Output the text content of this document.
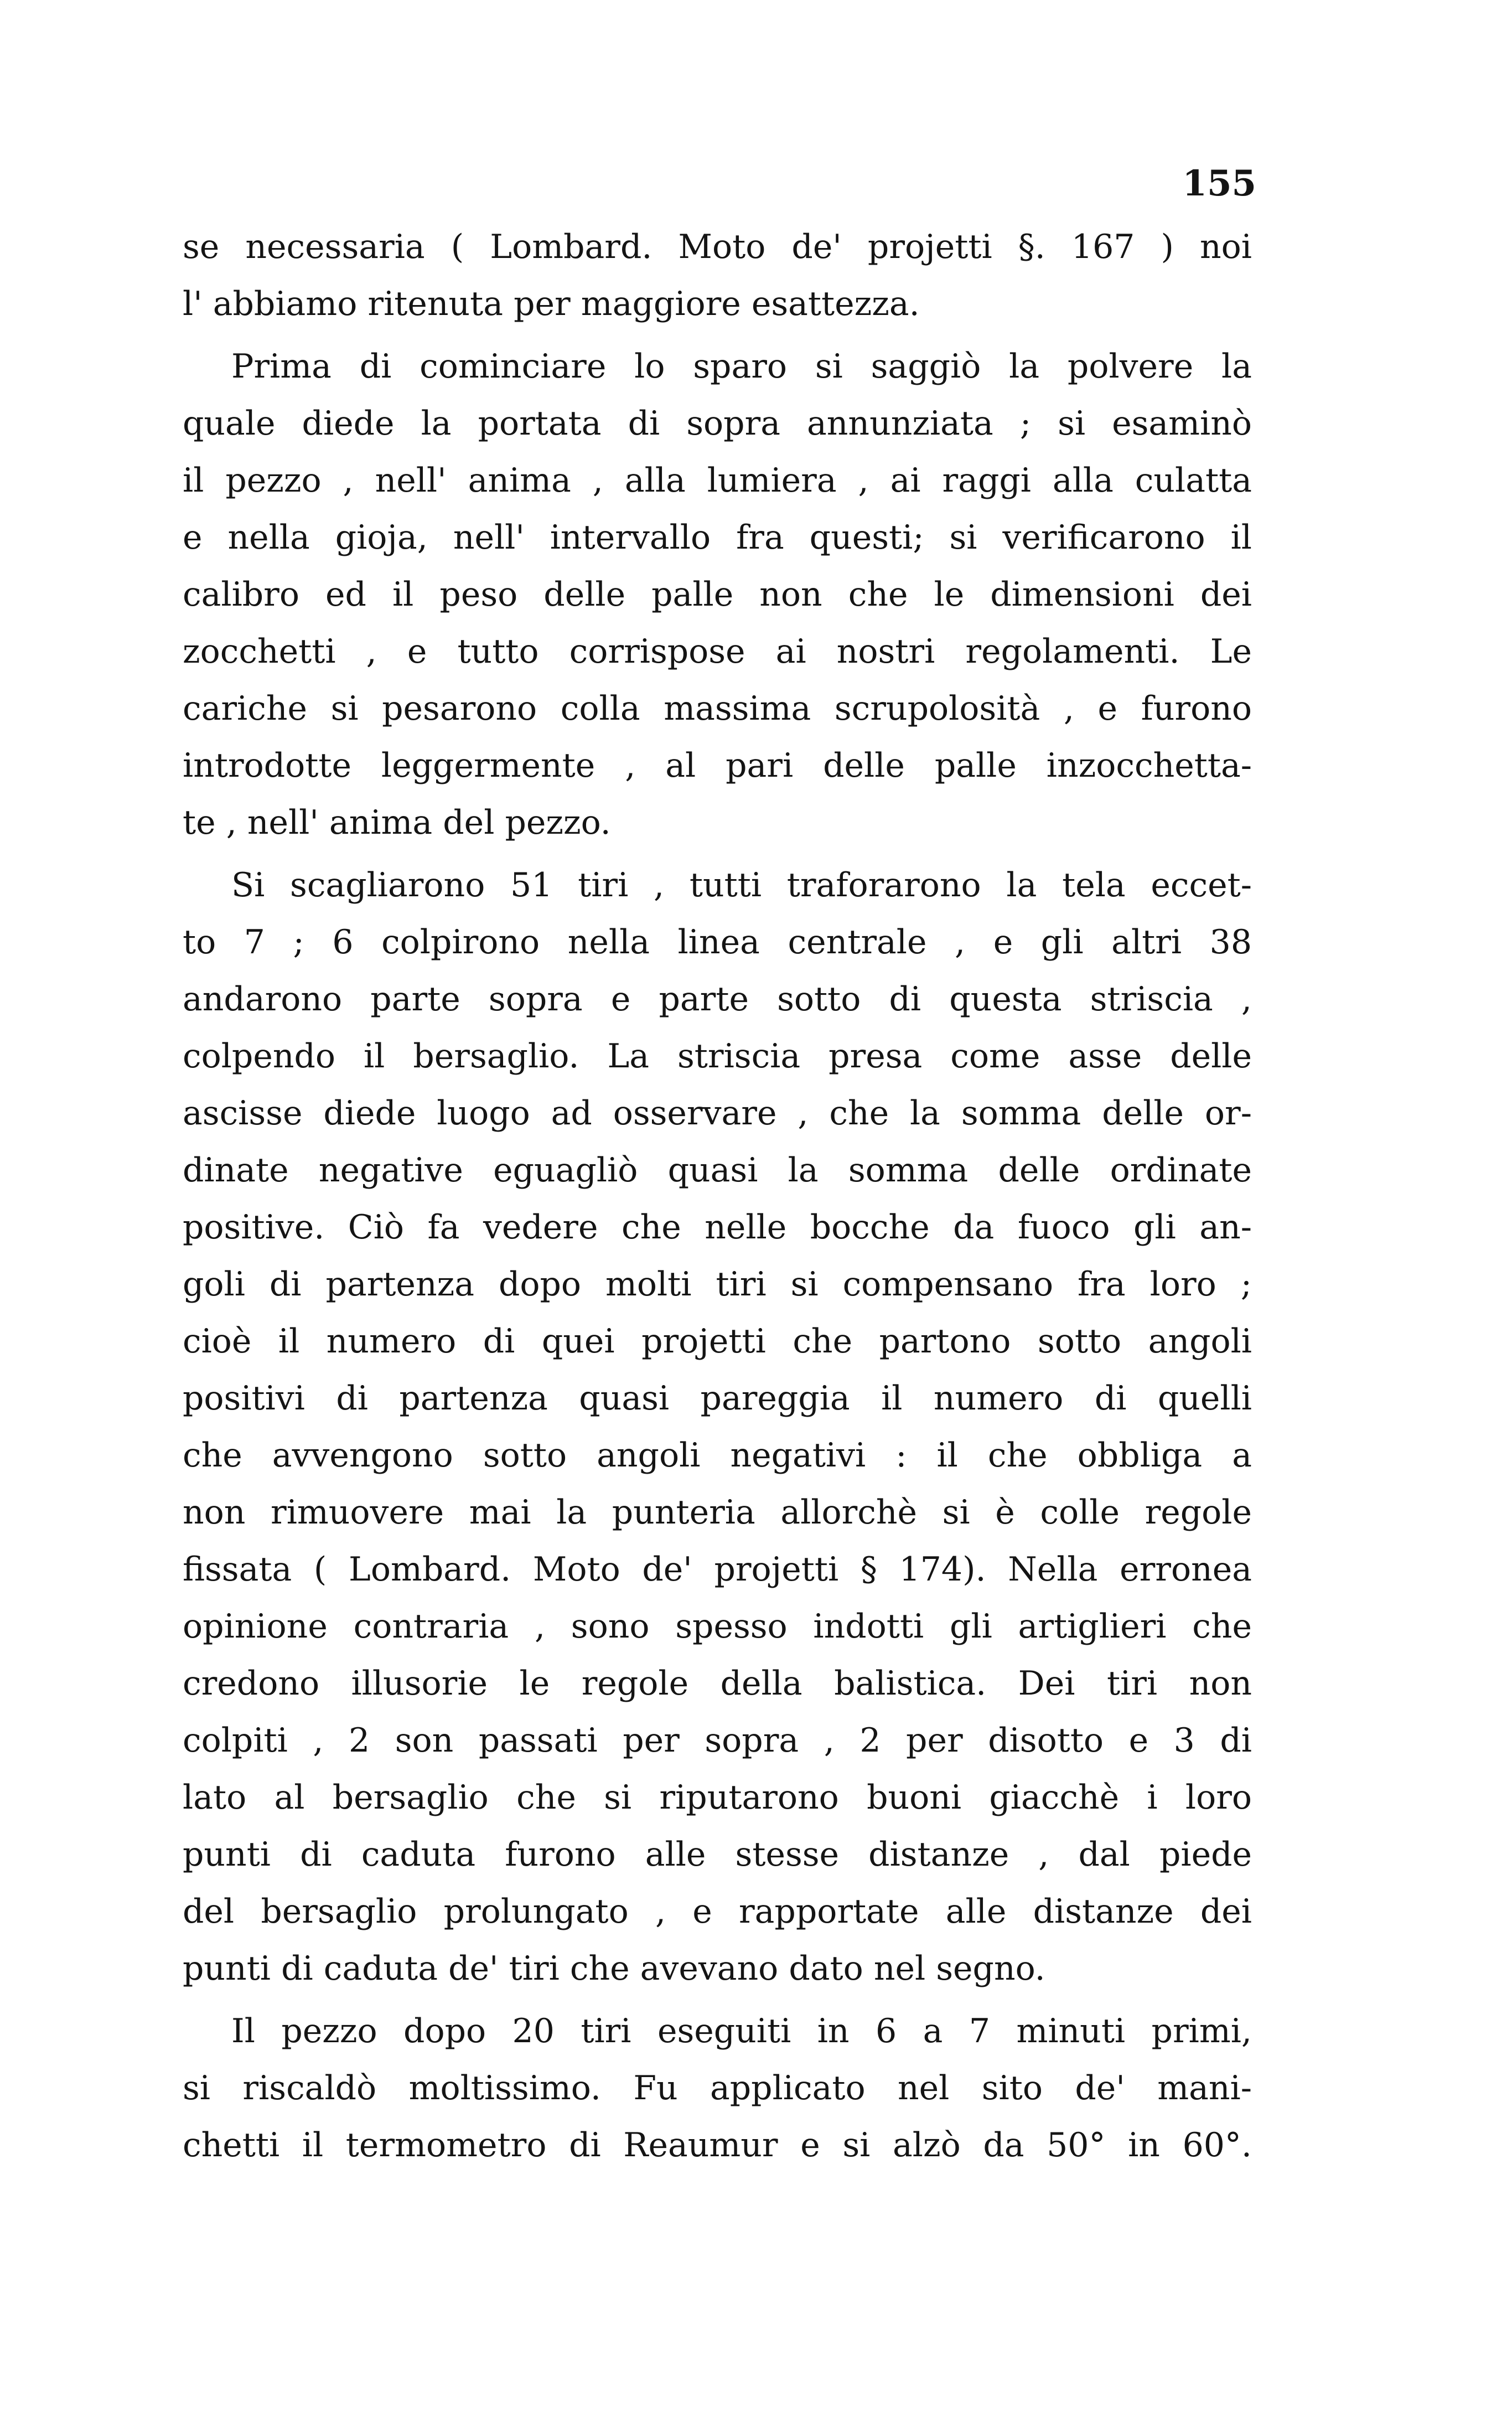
155
se necessaria ( Lombard. Moto de' projetti §. 167 ) noi
l' abbiamo ritenuta per maggiore esattezza.
Prima di cominciare lo sparo si saggiò la polvere la
quale diede la portata di sopra annunziata ; si esaminò
il pezzo , nell' anima , alla lumiera , ai raggi alla culatta
e nella gioja, nell' intervallo fra questi; si verificarono il
calibro ed il peso delle palle non che le dimensioni dei
zocchetti , e tutto corrispose ai nostri regolamenti. Le
cariche si pesarono colla massima scrupolosità , e furono
introdotte leggermente , al pari delle palle inzocchetta-
te , nell' anima del pezzo.
Si scagliarono 51 tiri , tutti traforarono la tela eccet-
to 7 ; 6 colpirono nella linea centrale , e gli altri 38
andarono parte sopra e parte sotto di questa striscia ,
colpendo il bersaglio. La striscia presa come asse delle
ascisse diede luogo ad osservare , che la somma delle or-
dinate negative eguagliò quasi la somma delle ordinate
positive. Ciò fa vedere che nelle bocche da fuoco gli an-
goli di partenza dopo molti tiri si compensano fra loro ;
cioè il numero di quei projetti che partono sotto angoli
positivi di partenza quasi pareggia il numero di quelli
che avvengono sotto angoli negativi : il che obbliga a
non rimuovere mai la punteria allorchè si è colle regole
fissata ( Lombard. Moto de' projetti § 174). Nella erronea
opinione contraria , sono spesso indotti gli artiglieri che
credono illusorie le regole della balistica. Dei tiri non
colpiti , 2 son passati per sopra , 2 per disotto e 3 di
lato al bersaglio che si riputarono buoni giacchè i loro
punti di caduta furono alle stesse distanze , dal piede
del bersaglio prolungato , e rapportate alle distanze dei
punti di caduta de' tiri che avevano dato nel segno.
Il pezzo dopo 20 tiri eseguiti in 6 a 7 minuti primi,
si riscaldò moltissimo. Fu applicato nel sito de' mani-
chetti il termometro di Reaumur e si alzò da 50° in 60°.
